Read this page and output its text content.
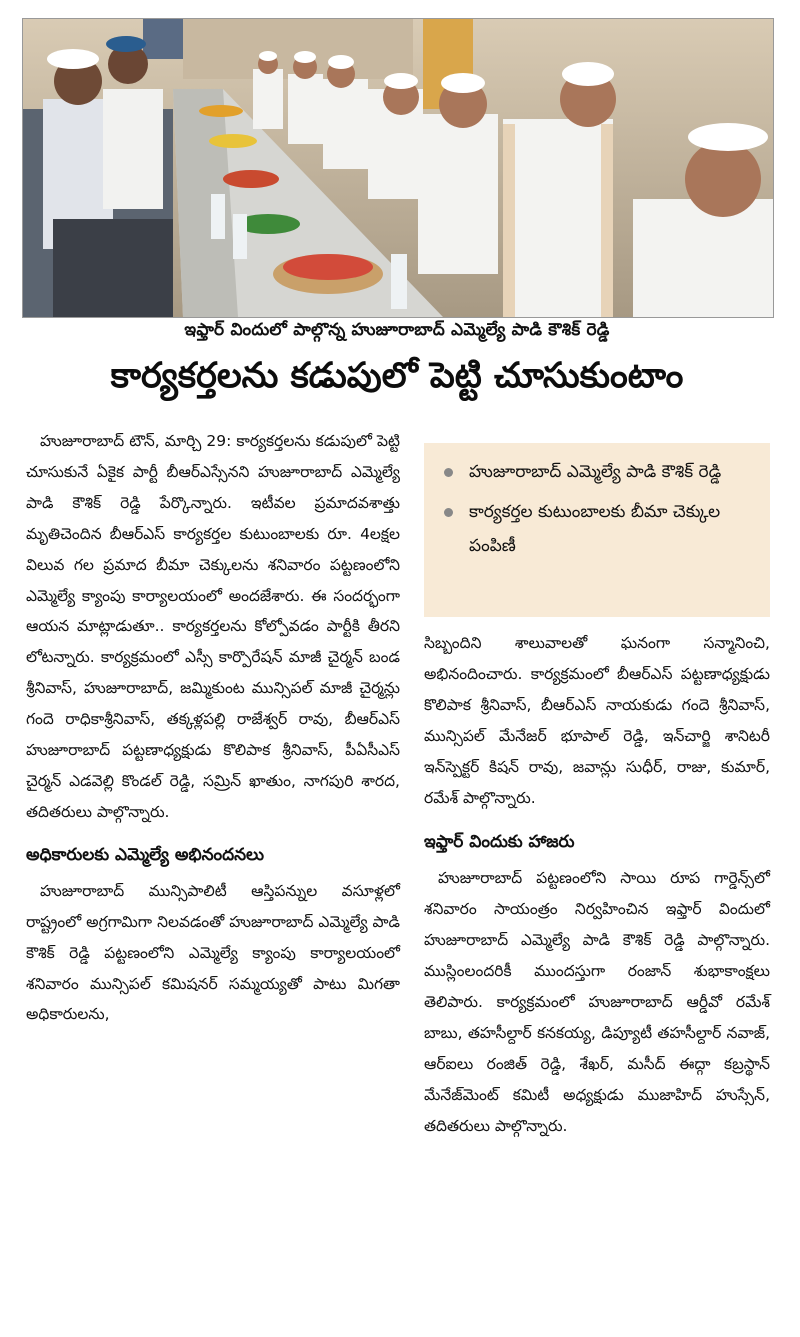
ఇఫ్తార్ విందులో పాల్గొన్న హుజూరాబాద్ ఎమ్మెల్యే పాడి కౌశిక్ రెడ్డి
కార్యకర్తలను కడుపులో పెట్టి చూసుకుంటాం

హుజూరాబాద్ టౌన్, మార్చి 29: కార్యకర్తలను కడుపులో పెట్టి చూసుకునే ఏకైక పార్టీ బీఆర్ఎస్సేనని హుజూరాబాద్ ఎమ్మెల్యే పాడి కౌశిక్ రెడ్డి పేర్కొన్నారు. ఇటీవల ప్రమాదవశాత్తు మృతిచెందిన బీఆర్ఎస్ కార్యకర్తల కుటుంబాలకు రూ. 4లక్షల విలువ గల ప్రమాద బీమా చెక్కులను శనివారం పట్టణంలోని ఎమ్మెల్యే క్యాంపు కార్యాలయంలో అందజేశారు. ఈ సందర్భంగా ఆయన మాట్లాడుతూ.. కార్యకర్తలను కోల్పోవడం పార్టీకి తీరని లోటన్నారు. కార్యక్రమంలో ఎస్సీ కార్పొరేషన్ మాజీ చైర్మన్ బండ శ్రీనివాస్, హుజూరాబాద్, జమ్మికుంట మున్సిపల్ మాజీ చైర్మన్లు గందె రాధికాశ్రీనివాస్, తక్కళ్లపల్లి రాజేశ్వర్ రావు, బీఆర్ఎస్ హుజూరాబాద్ పట్టణాధ్యక్షుడు కొలిపాక శ్రీనివాస్, పీఏసీఎస్ చైర్మన్ ఎడవెల్లి కొండల్ రెడ్డి, సమ్రిన్ ఖాతుం, నాగపురి శారద, తదితరులు పాల్గొన్నారు.

అధికారులకు ఎమ్మెల్యే అభినందనలు

హుజూరాబాద్ మున్సిపాలిటీ ఆస్తిపన్నుల వసూళ్లలో రాష్ట్రంలో అగ్రగామిగా నిలవడంతో హుజూరాబాద్ ఎమ్మెల్యే పాడి కౌశిక్ రెడ్డి పట్టణంలోని ఎమ్మెల్యే క్యాంపు కార్యాలయంలో శనివారం మున్సిపల్ కమిషనర్ సమ్మయ్యతో పాటు మిగతా అధికారులను,

హుజూరాబాద్ ఎమ్మెల్యే పాడి కౌశిక్ రెడ్డి
కార్యకర్తల కుటుంబాలకు బీమా చెక్కుల పంపిణీ

సిబ్బందిని శాలువాలతో ఘనంగా సన్మానించి, అభినందించారు. కార్యక్రమంలో బీఆర్ఎస్ పట్టణాధ్యక్షుడు కొలిపాక శ్రీనివాస్, బీఆర్ఎస్ నాయకుడు గందె శ్రీనివాస్, మున్సిపల్ మేనేజర్ భూపాల్ రెడ్డి, ఇన్‌చార్జి శానిటరీ ఇన్‌స్పెక్టర్ కిషన్ రావు, జవాన్లు సుధీర్, రాజు, కుమార్, రమేశ్ పాల్గొన్నారు.

ఇఫ్తార్ విందుకు హాజరు

హుజూరాబాద్ పట్టణంలోని సాయి రూప గార్డెన్స్‌లో శనివారం సాయంత్రం నిర్వహించిన ఇఫ్తార్ విందులో హుజూరాబాద్ ఎమ్మెల్యే పాడి కౌశిక్ రెడ్డి పాల్గొన్నారు. ముస్లింలందరికీ ముందస్తుగా రంజాన్ శుభాకాంక్షలు తెలిపారు. కార్యక్రమంలో హుజూరాబాద్ ఆర్డీవో రమేశ్ బాబు, తహసీల్దార్ కనకయ్య, డిప్యూటీ తహసీల్దార్ నవాజ్, ఆర్ఐలు రంజిత్ రెడ్డి, శేఖర్, మసీద్ ఈద్గా కబ్రస్థాన్ మేనేజ్‌మెంట్ కమిటీ అధ్యక్షుడు ముజాహిద్ హుస్సేన్, తదితరులు పాల్గొన్నారు.
